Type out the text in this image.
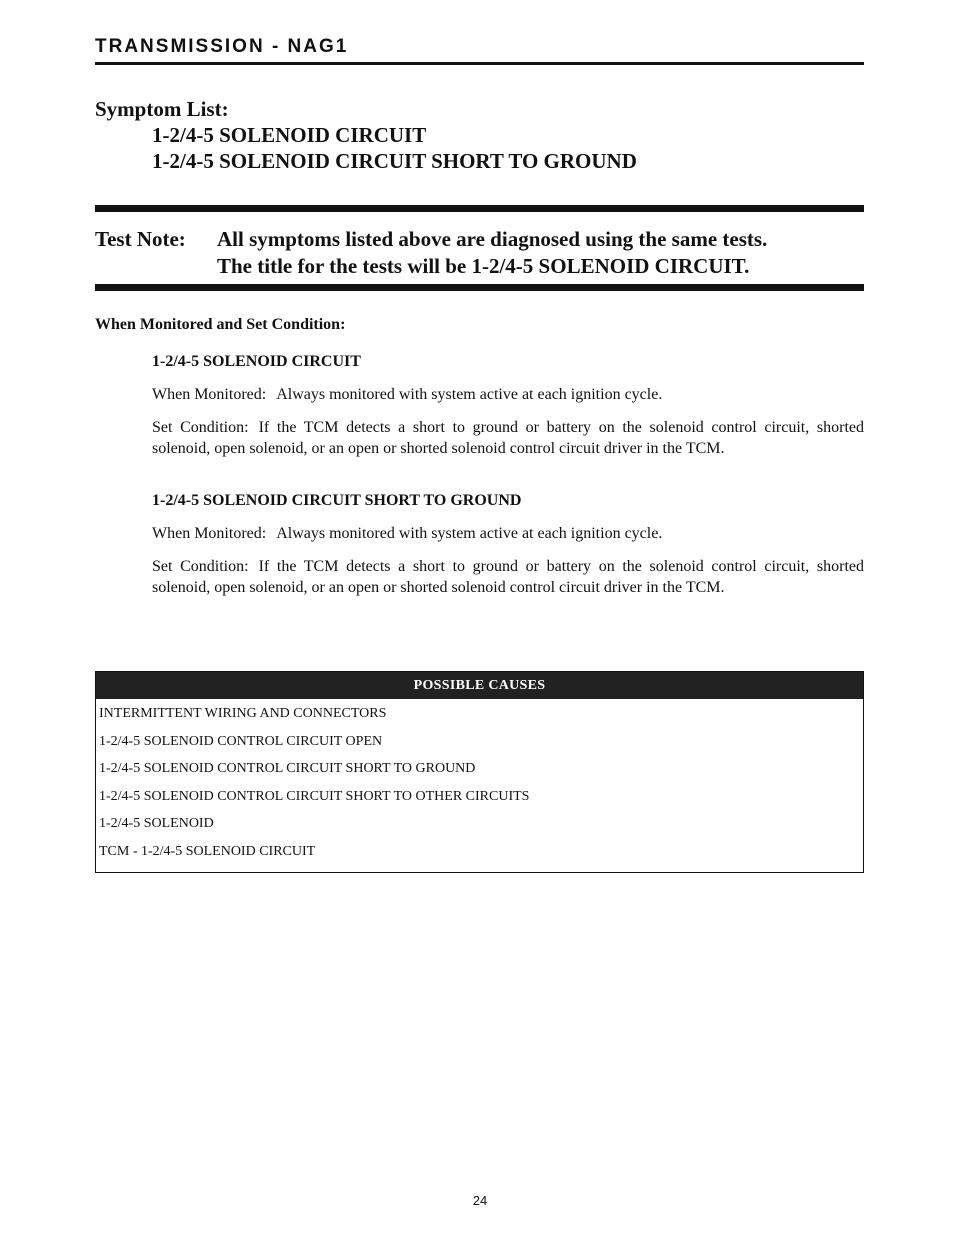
TRANSMISSION - NAG1
Symptom List:
1-2/4-5 SOLENOID CIRCUIT
1-2/4-5 SOLENOID CIRCUIT SHORT TO GROUND
Test Note: All symptoms listed above are diagnosed using the same tests.
The title for the tests will be 1-2/4-5 SOLENOID CIRCUIT.
When Monitored and Set Condition:
1-2/4-5 SOLENOID CIRCUIT
When Monitored: Always monitored with system active at each ignition cycle.
Set Condition: If the TCM detects a short to ground or battery on the solenoid control circuit, shorted solenoid, open solenoid, or an open or shorted solenoid control circuit driver in the TCM.
1-2/4-5 SOLENOID CIRCUIT SHORT TO GROUND
When Monitored: Always monitored with system active at each ignition cycle.
Set Condition: If the TCM detects a short to ground or battery on the solenoid control circuit, shorted solenoid, open solenoid, or an open or shorted solenoid control circuit driver in the TCM.
POSSIBLE CAUSES
INTERMITTENT WIRING AND CONNECTORS
1-2/4-5 SOLENOID CONTROL CIRCUIT OPEN
1-2/4-5 SOLENOID CONTROL CIRCUIT SHORT TO GROUND
1-2/4-5 SOLENOID CONTROL CIRCUIT SHORT TO OTHER CIRCUITS
1-2/4-5 SOLENOID
TCM - 1-2/4-5 SOLENOID CIRCUIT
24
